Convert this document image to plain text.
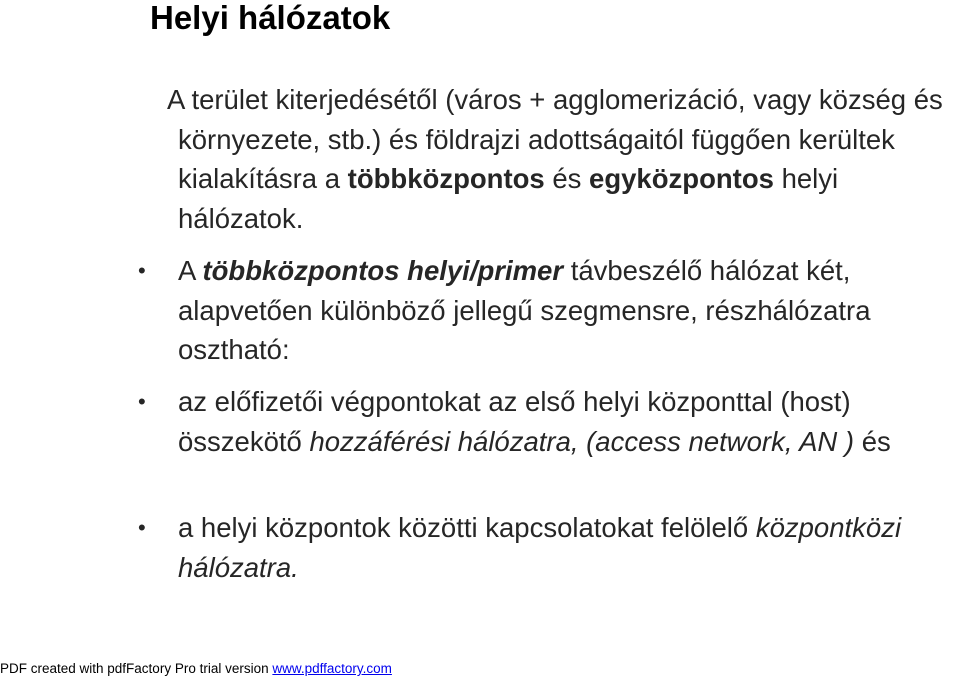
Helyi hálózatok
A terület kiterjedésétől (város + agglomerizáció, vagy község és környezete, stb.) és földrajzi adottságaitól függően kerültek kialakításra a többközpontos és egyközpontos helyi hálózatok.
•	A többközpontos helyi/primer távbeszélő hálózat két, alapvetően különböző jellegű szegmensre, részhálózatra osztható:
•	az előfizetői végpontokat az első helyi központtal (host) összekötő hozzáférési hálózatra, (access network, AN ) és
•	a helyi központok közötti kapcsolatokat felölelő központközi hálózatra.
PDF created with pdfFactory Pro trial version www.pdffactory.com
